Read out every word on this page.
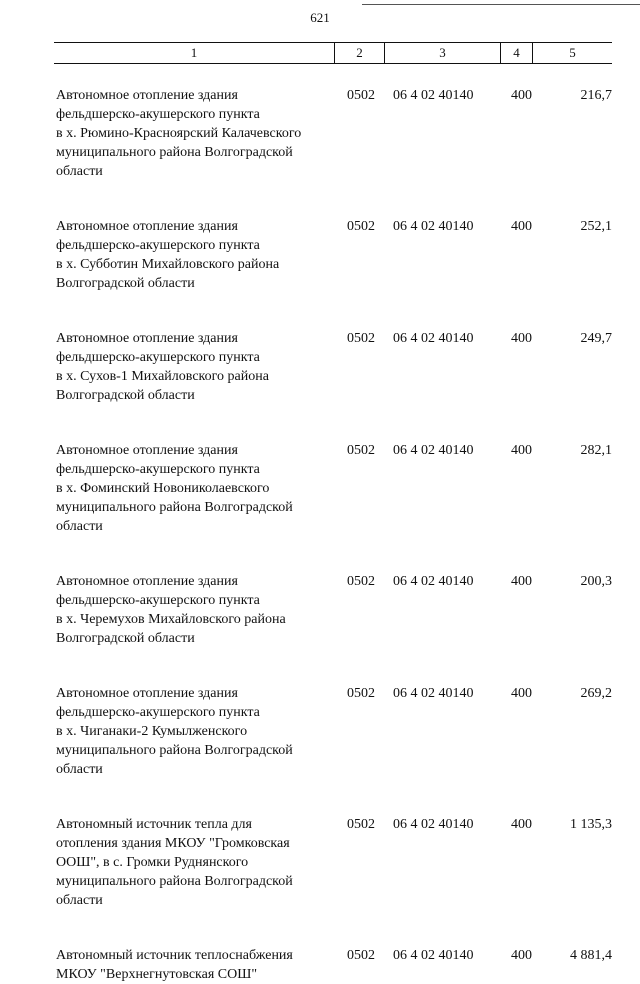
621
1	2	3	4	5
Автономное отопление здания
фельдшерско-акушерского пункта
в х. Рюмино-Красноярский Калачевского
муниципального района Волгоградской
области
0502	06 4 02 40140	400	216,7
Автономное отопление здания
фельдшерско-акушерского пункта
в х. Субботин Михайловского района
Волгоградской области
0502	06 4 02 40140	400	252,1
Автономное отопление здания
фельдшерско-акушерского пункта
в х. Сухов-1 Михайловского района
Волгоградской области
0502	06 4 02 40140	400	249,7
Автономное отопление здания
фельдшерско-акушерского пункта
в х. Фоминский Новониколаевского
муниципального района Волгоградской
области
0502	06 4 02 40140	400	282,1
Автономное отопление здания
фельдшерско-акушерского пункта
в х. Черемухов Михайловского района
Волгоградской области
0502	06 4 02 40140	400	200,3
Автономное отопление здания
фельдшерско-акушерского пункта
в х. Чиганаки-2 Кумылженского
муниципального района Волгоградской
области
0502	06 4 02 40140	400	269,2
Автономный источник тепла для
отопления здания МКОУ "Громковская
ООШ", в с. Громки Руднянского
муниципального района Волгоградской
области
0502	06 4 02 40140	400	1 135,3
Автономный источник теплоснабжения
МКОУ "Верхнегнутовская СОШ"
0502	06 4 02 40140	400	4 881,4
